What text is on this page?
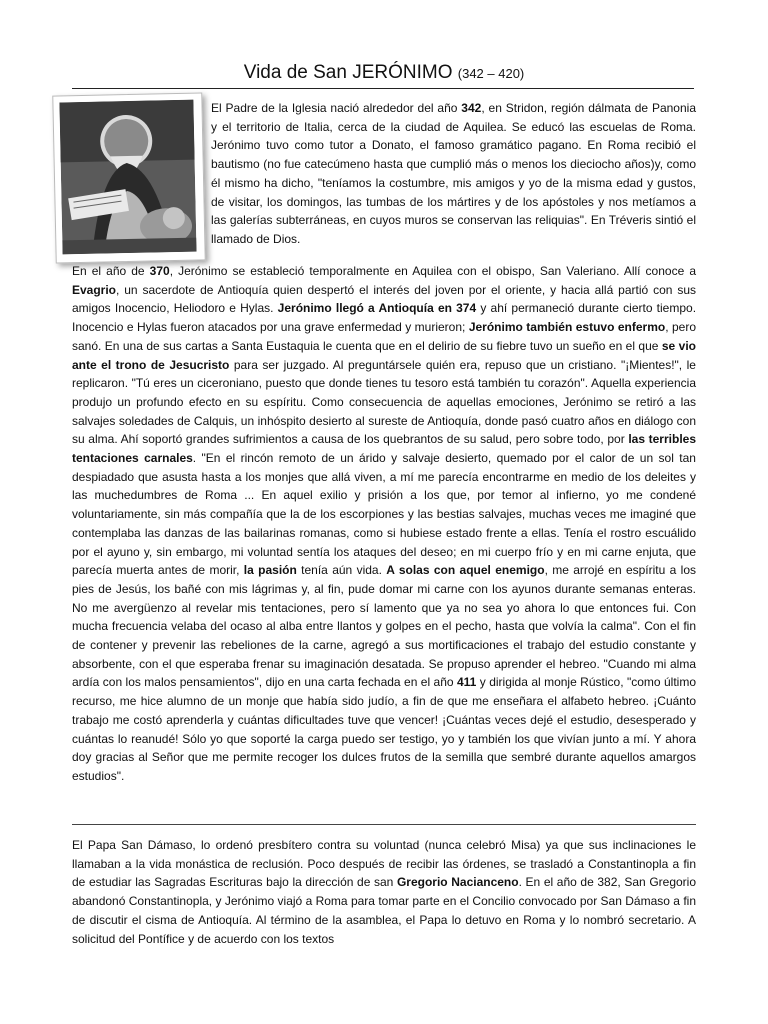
Vida de San JERÓNIMO (342 – 420)

El Padre de la Iglesia nació alrededor del año 342, en Stridon, región dálmata de Panonia y el territorio de Italia, cerca de la ciudad de Aquilea. Se educó las escuelas de Roma. Jerónimo tuvo como tutor a Donato, el famoso gramático pagano. En Roma recibió el bautismo (no fue catecúmeno hasta que cumplió más o menos los dieciocho años)y, como él mismo ha dicho, "teníamos la costumbre, mis amigos y yo de la misma edad y gustos, de visitar, los domingos, las tumbas de los mártires y de los apóstoles y nos metíamos a las galerías subterráneas, en cuyos muros se conservan las reliquias". En Tréveris sintió el llamado de Dios.

En el año de 370, Jerónimo se estableció temporalmente en Aquilea con el obispo, San Valeriano. Allí conoce a Evagrio, un sacerdote de Antioquía quien despertó el interés del joven por el oriente, y hacia allá partió con sus amigos Inocencio, Heliodoro e Hylas. Jerónimo llegó a Antioquía en 374 y ahí permaneció durante cierto tiempo. Inocencio e Hylas fueron atacados por una grave enfermedad y murieron; Jerónimo también estuvo enfermo, pero sanó. En una de sus cartas a Santa Eustaquia le cuenta que en el delirio de su fiebre tuvo un sueño en el que se vio ante el trono de Jesucristo para ser juzgado. Al preguntársele quién era, repuso que un cristiano. "¡Mientes!", le replicaron. "Tú eres un ciceroniano, puesto que donde tienes tu tesoro está también tu corazón". Aquella experiencia produjo un profundo efecto en su espíritu. Como consecuencia de aquellas emociones, Jerónimo se retiró a las salvajes soledades de Calquis, un inhóspito desierto al sureste de Antioquía, donde pasó cuatro años en diálogo con su alma. Ahí soportó grandes sufrimientos a causa de los quebrantos de su salud, pero sobre todo, por las terribles tentaciones carnales. "En el rincón remoto de un árido y salvaje desierto, quemado por el calor de un sol tan despiadado que asusta hasta a los monjes que allá viven, a mí me parecía encontrarme en medio de los deleites y las muchedumbres de Roma ... En aquel exilio y prisión a los que, por temor al infierno, yo me condené voluntariamente, sin más compañía que la de los escorpiones y las bestias salvajes, muchas veces me imaginé que contemplaba las danzas de las bailarinas romanas, como si hubiese estado frente a ellas. Tenía el rostro escuálido por el ayuno y, sin embargo, mi voluntad sentía los ataques del deseo; en mi cuerpo frío y en mi carne enjuta, que parecía muerta antes de morir, la pasión tenía aún vida. A solas con aquel enemigo, me arrojé en espíritu a los pies de Jesús, los bañé con mis lágrimas y, al fin, pude domar mi carne con los ayunos durante semanas enteras. No me avergüenzo al revelar mis tentaciones, pero sí lamento que ya no sea yo ahora lo que entonces fui. Con mucha frecuencia velaba del ocaso al alba entre llantos y golpes en el pecho, hasta que volvía la calma". Con el fin de contener y prevenir las rebeliones de la carne, agregó a sus mortificaciones el trabajo del estudio constante y absorbente, con el que esperaba frenar su imaginación desatada. Se propuso aprender el hebreo. "Cuando mi alma ardía con los malos pensamientos", dijo en una carta fechada en el año 411 y dirigida al monje Rústico, "como último recurso, me hice alumno de un monje que había sido judío, a fin de que me enseñara el alfabeto hebreo. ¡Cuánto trabajo me costó aprenderla y cuántas dificultades tuve que vencer! ¡Cuántas veces dejé el estudio, desesperado y cuántas lo reanudé! Sólo yo que soporté la carga puedo ser testigo, yo y también los que vivían junto a mí. Y ahora doy gracias al Señor que me permite recoger los dulces frutos de la semilla que sembré durante aquellos amargos estudios".

El Papa San Dámaso, lo ordenó presbítero contra su voluntad (nunca celebró Misa) ya que sus inclinaciones le llamaban a la vida monástica de reclusión. Poco después de recibir las órdenes, se trasladó a Constantinopla a fin de estudiar las Sagradas Escrituras bajo la dirección de san Gregorio Nacianceno. En el año de 382, San Gregorio abandonó Constantinopla, y Jerónimo viajó a Roma para tomar parte en el Concilio convocado por San Dámaso a fin de discutir el cisma de Antioquía. Al término de la asamblea, el Papa lo detuvo en Roma y lo nombró secretario. A solicitud del Pontífice y de acuerdo con los textos
